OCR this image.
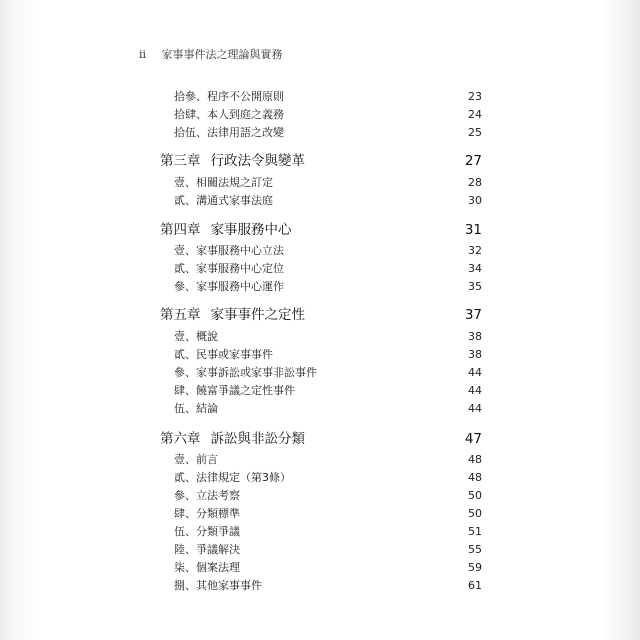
ii 家事事件法之理論與實務
拾參、程序不公開原則	23
拾肆、本人到庭之義務	24
拾伍、法律用語之改變	25
第三章 行政法令與變革	27
壹、相關法規之訂定	28
貳、溝通式家事法庭	30
第四章 家事服務中心	31
壹、家事服務中心立法	32
貳、家事服務中心定位	34
參、家事服務中心運作	35
第五章 家事事件之定性	37
壹、概說	38
貳、民事或家事事件	38
參、家事訴訟或家事非訟事件	44
肆、饒富爭議之定性事件	44
伍、結論	44
第六章 訴訟與非訟分類	47
壹、前言	48
貳、法律規定（第3條）	48
參、立法考察	50
肆、分類標準	50
伍、分類爭議	51
陸、爭議解決	55
柒、個案法理	59
捌、其他家事事件	61
